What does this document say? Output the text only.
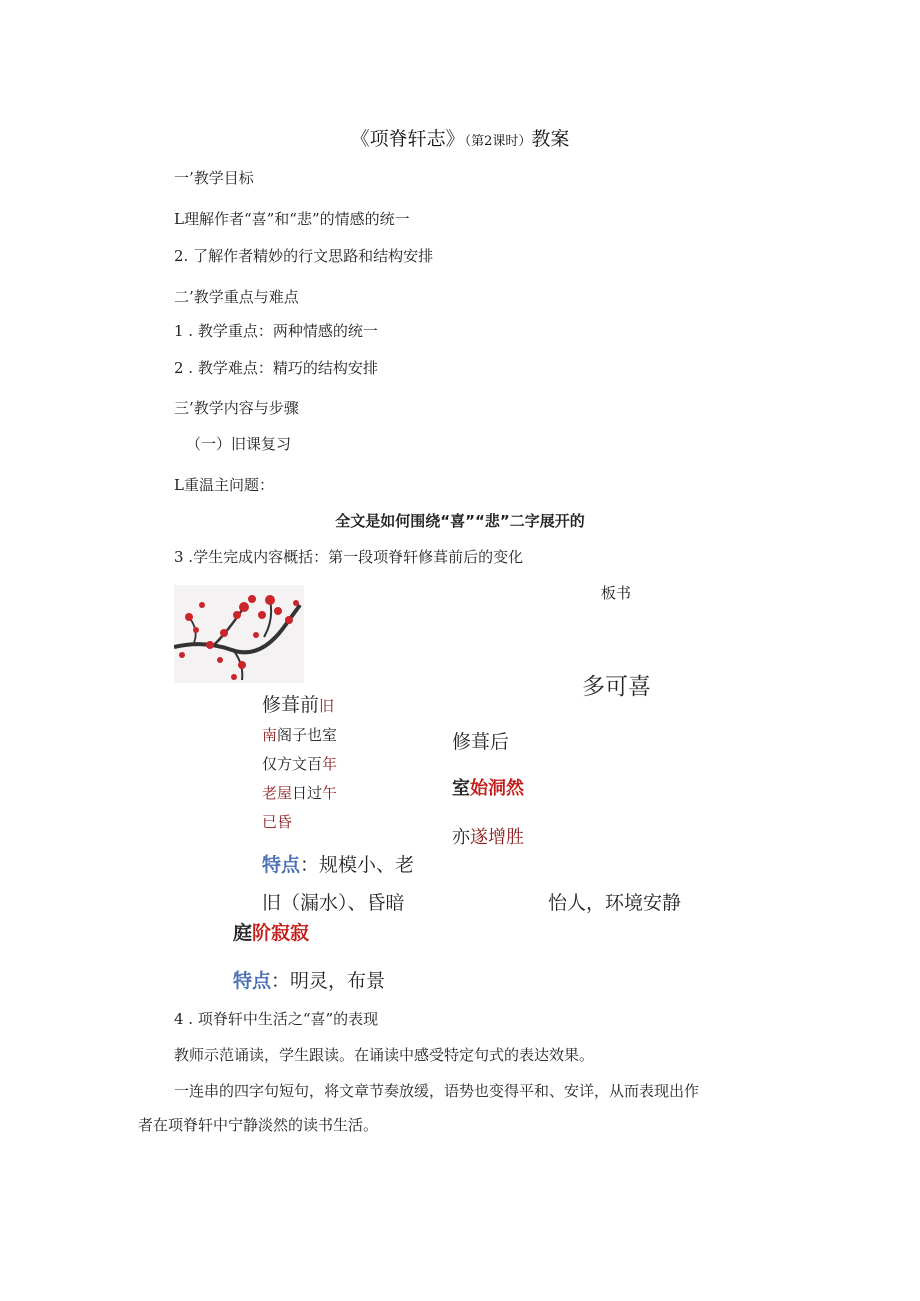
《项脊轩志》（第2课时）教案
一’教学目标
L理解作者“喜”和“悲”的情感的统一
2. 了解作者精妙的行文思路和结构安排
二’教学重点与难点
1 . 教学重点：两种情感的统一
2 . 教学难点：精巧的结构安排
三’教学内容与步骤
（一）旧课复习
L重温主问题：
全文是如何围绕“喜”“悲”二字展开的
3 .学生完成内容概括：第一段项脊轩修葺前后的变化
板书
多可喜
修葺前旧
南阁子也室
仅方文百年
老屋日过午
已昏
修葺后
室始洞然
亦遂增胜
特点：规模小、老
旧（漏水）、昏暗	怡人，环境安静
庭阶寂寂
特点：明灵，布景
4 . 项脊轩中生活之“喜”的表现
教师示范诵读，学生跟读。在诵读中感受特定句式的表达效果。
一连串的四字句短句，将文章节奏放缓，语势也变得平和、安详，从而表现出作
者在项脊轩中宁静淡然的读书生活。
